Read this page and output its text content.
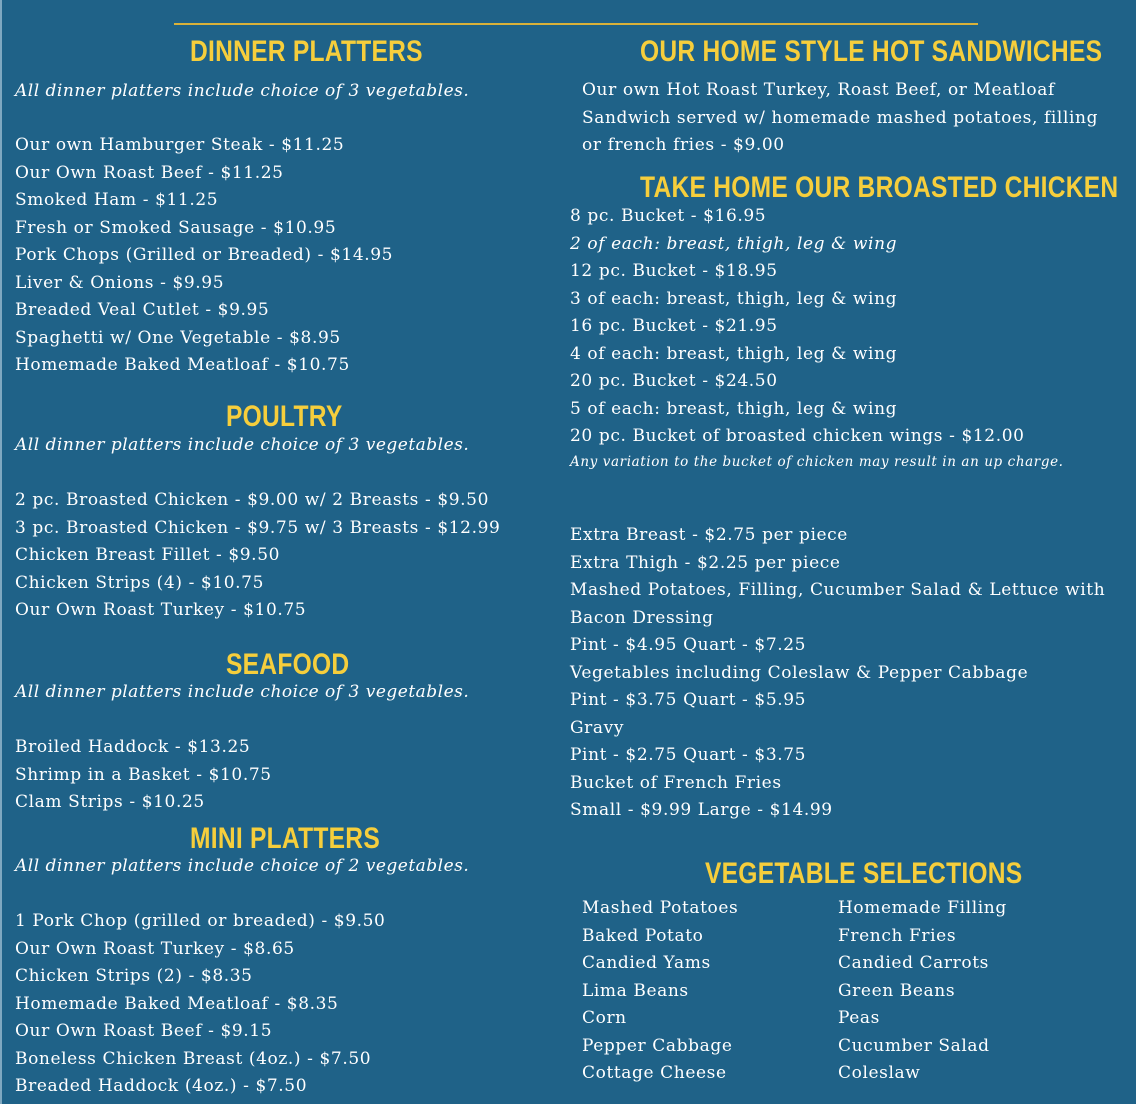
DINNER PLATTERS
All dinner platters include choice of 3 vegetables.
Our own Hamburger Steak - $11.25
Our Own Roast Beef - $11.25
Smoked Ham - $11.25
Fresh or Smoked Sausage - $10.95
Pork Chops (Grilled or Breaded) - $14.95
Liver & Onions - $9.95
Breaded Veal Cutlet - $9.95
Spaghetti w/ One Vegetable - $8.95
Homemade Baked Meatloaf - $10.75
POULTRY
All dinner platters include choice of 3 vegetables.
2 pc. Broasted Chicken - $9.00 w/ 2 Breasts - $9.50
3 pc. Broasted Chicken - $9.75 w/ 3 Breasts - $12.99
Chicken Breast Fillet - $9.50
Chicken Strips (4) - $10.75
Our Own Roast Turkey - $10.75
SEAFOOD
All dinner platters include choice of 3 vegetables.
Broiled Haddock - $13.25
Shrimp in a Basket - $10.75
Clam Strips - $10.25
MINI PLATTERS
All dinner platters include choice of 2 vegetables.
1 Pork Chop (grilled or breaded) - $9.50
Our Own Roast Turkey - $8.65
Chicken Strips (2) - $8.35
Homemade Baked Meatloaf - $8.35
Our Own Roast Beef - $9.15
Boneless Chicken Breast (4oz.) - $7.50
Breaded Haddock (4oz.) - $7.50
OUR HOME STYLE HOT SANDWICHES
Our own Hot Roast Turkey, Roast Beef, or Meatloaf
Sandwich served w/ homemade mashed potatoes, filling
or french fries - $9.00
TAKE HOME OUR BROASTED CHICKEN
8 pc. Bucket - $16.95
2 of each: breast, thigh, leg & wing
12 pc. Bucket - $18.95
3 of each: breast, thigh, leg & wing
16 pc. Bucket - $21.95
4 of each: breast, thigh, leg & wing
20 pc. Bucket - $24.50
5 of each: breast, thigh, leg & wing
20 pc. Bucket of broasted chicken wings - $12.00
Any variation to the bucket of chicken may result in an up charge.
Extra Breast - $2.75 per piece
Extra Thigh - $2.25 per piece
Mashed Potatoes, Filling, Cucumber Salad & Lettuce with
Bacon Dressing
Pint - $4.95 Quart - $7.25
Vegetables including Coleslaw & Pepper Cabbage
Pint - $3.75 Quart - $5.95
Gravy
Pint - $2.75 Quart - $3.75
Bucket of French Fries
Small - $9.99 Large - $14.99
VEGETABLE SELECTIONS
Mashed Potatoes
Baked Potato
Candied Yams
Lima Beans
Corn
Pepper Cabbage
Cottage Cheese
Homemade Filling
French Fries
Candied Carrots
Green Beans
Peas
Cucumber Salad
Coleslaw
